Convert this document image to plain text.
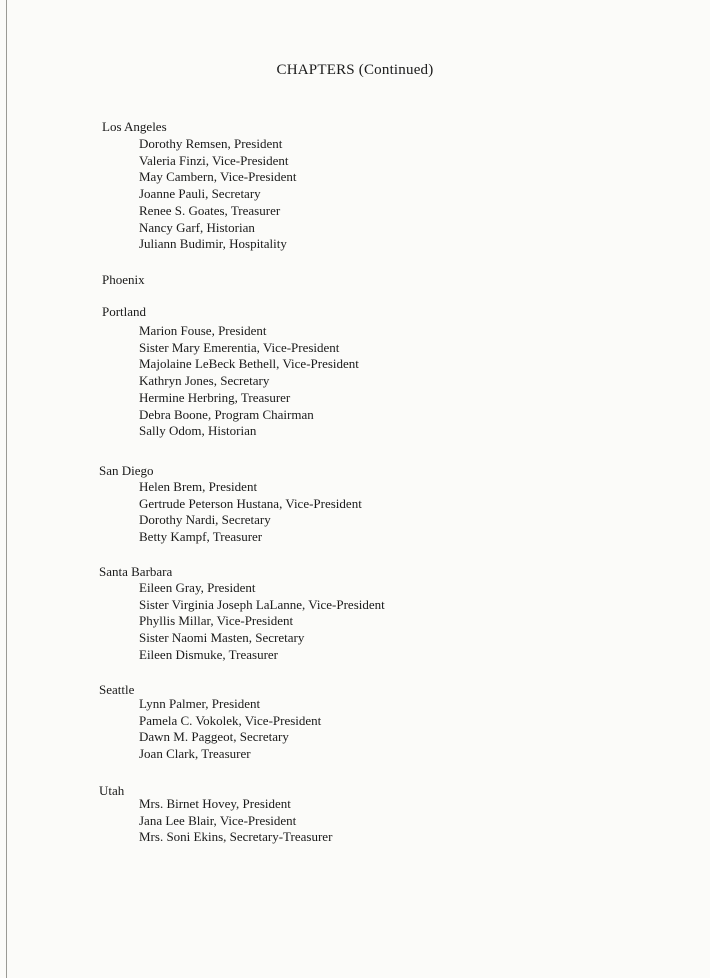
CHAPTERS (Continued)
Los Angeles
Dorothy Remsen, President
Valeria Finzi, Vice-President
May Cambern, Vice-President
Joanne Pauli, Secretary
Renee S. Goates, Treasurer
Nancy Garf, Historian
Juliann Budimir, Hospitality
Phoenix
Portland
Marion Fouse, President
Sister Mary Emerentia, Vice-President
Majolaine LeBeck Bethell, Vice-President
Kathryn Jones, Secretary
Hermine Herbring, Treasurer
Debra Boone, Program Chairman
Sally Odom, Historian
San Diego
Helen Brem, President
Gertrude Peterson Hustana, Vice-President
Dorothy Nardi, Secretary
Betty Kampf, Treasurer
Santa Barbara
Eileen Gray, President
Sister Virginia Joseph LaLanne, Vice-President
Phyllis Millar, Vice-President
Sister Naomi Masten, Secretary
Eileen Dismuke, Treasurer
Seattle
Lynn Palmer, President
Pamela C. Vokolek, Vice-President
Dawn M. Paggeot, Secretary
Joan Clark, Treasurer
Utah
Mrs. Birnet Hovey, President
Jana Lee Blair, Vice-President
Mrs. Soni Ekins, Secretary-Treasurer
